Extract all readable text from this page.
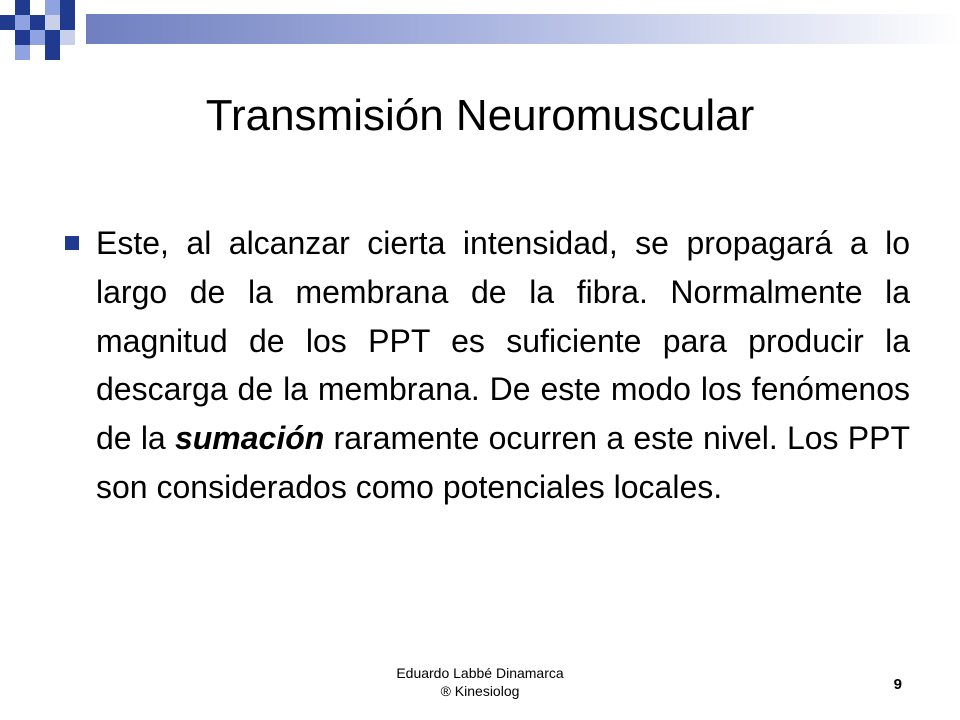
Transmisión Neuromuscular

Este, al alcanzar cierta intensidad, se propagará a lo largo de la membrana de la fibra. Normalmente la magnitud de los PPT es suficiente para producir la descarga de la membrana. De este modo los fenómenos de la sumación raramente ocurren a este nivel. Los PPT son considerados como potenciales locales.

Eduardo Labbé Dinamarca
® Kinesiolog	9
